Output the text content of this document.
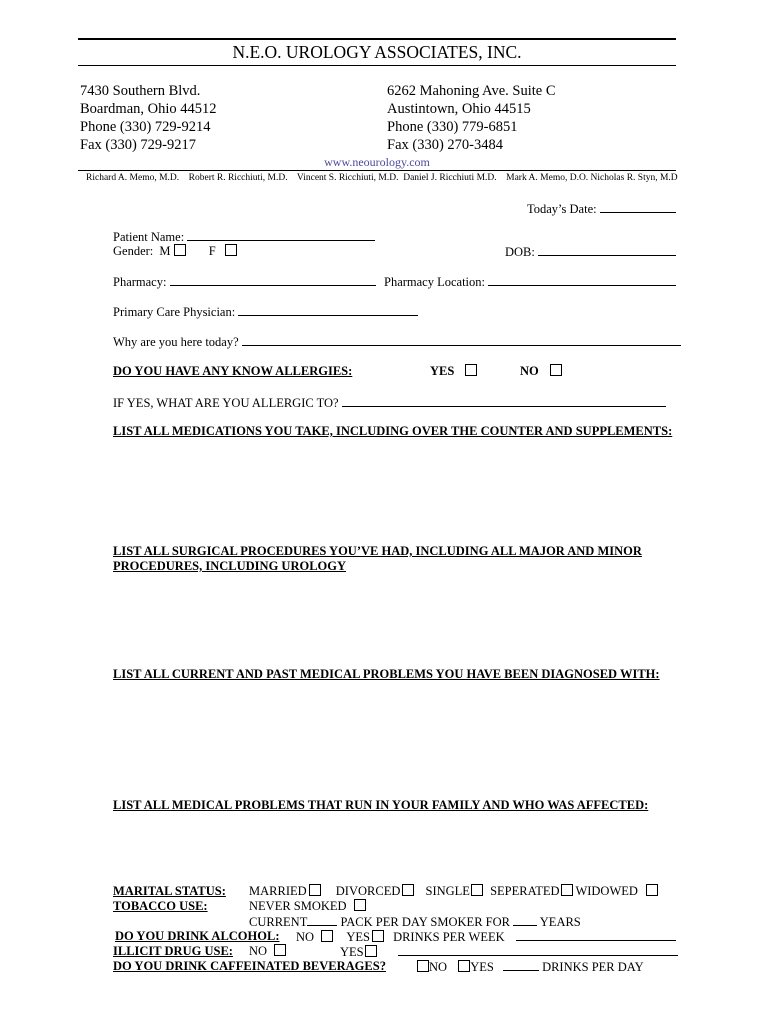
N.E.O. UROLOGY ASSOCIATES, INC.
7430 Southern Blvd.
Boardman, Ohio 44512
Phone (330) 729-9214
Fax (330) 729-9217
6262 Mahoning Ave. Suite C
Austintown, Ohio 44515
Phone (330) 779-6851
Fax (330) 270-3484
www.neourology.com
Richard A. Memo, M.D.    Robert R. Ricchiuti, M.D.    Vincent S. Ricchiuti, M.D.  Daniel J. Ricchiuti M.D.    Mark A. Memo, D.O. Nicholas R. Styn, M.D
Today’s Date:
Patient Name:
Gender: M	F	DOB:
Pharmacy:	Pharmacy Location:
Primary Care Physician:
Why are you here today?
DO YOU HAVE ANY KNOW ALLERGIES:	YES	NO
IF YES, WHAT ARE YOU ALLERGIC TO?
LIST ALL MEDICATIONS YOU TAKE, INCLUDING OVER THE COUNTER AND SUPPLEMENTS:
LIST ALL SURGICAL PROCEDURES YOU’VE HAD, INCLUDING ALL MAJOR AND MINOR
PROCEDURES, INCLUDING UROLOGY
LIST ALL CURRENT AND PAST MEDICAL PROBLEMS YOU HAVE BEEN DIAGNOSED WITH:
LIST ALL MEDICAL PROBLEMS THAT RUN IN YOUR FAMILY AND WHO WAS AFFECTED:
MARITAL STATUS: MARRIED DIVORCED SINGLE SEPERATED WIDOWED
TOBACCO USE:	NEVER SMOKED
CURRENT	PACK PER DAY SMOKER FOR YEARS
DO YOU DRINK ALCOHOL: NO	YES DRINKS PER WEEK
ILLICIT DRUG USE: NO	YES
DO YOU DRINK CAFFEINATED BEVERAGES?	NO YES	DRINKS PER DAY
